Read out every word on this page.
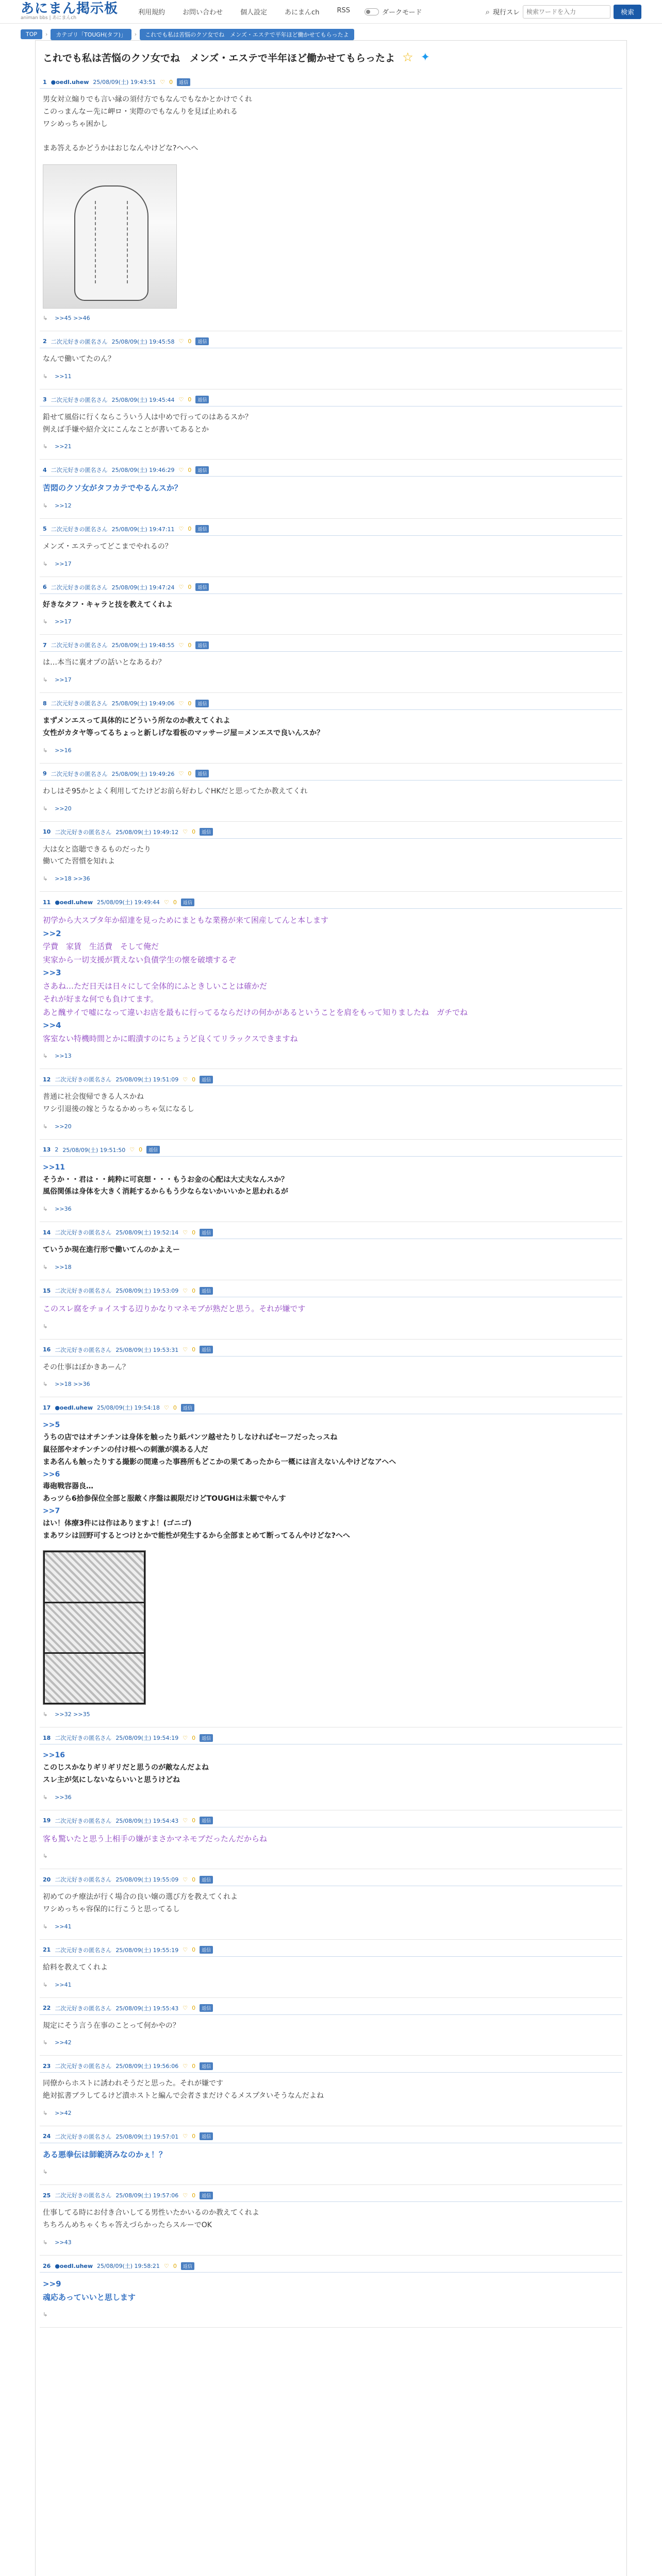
あにまん掲示板
animan bbs | あにまんch
利用規約	お問い合わせ	個人設定	あにまんch	RSS	ダークモード	⌕ 現行スレ
検索ワードを入力	検索
TOP	›	カテゴリ「TOUGH(タフ)」	›	これでも私は苦悩のクソ女でね　メンズ・エステで平年ほど働かせてもらったよ
これでも私は苦悩のクソ女でね　メンズ・エステで半年ほど働かせてもらったよ ☆ ✦
1 ●oedl.uhew 25/08/09(土) 19:43:51 ♡ 0	返信
男女対立煽りでも言い縁の須付方でもなんでもなかとかけでくれ
このっまんなー先に岬ロ・実際のでもなんりを見ば止めれる
ワシめっちゃ困かし
まあ答えるかどうかはおじなんやけどな?ヘへへ
↳ >>45 >>46
2 二次元好きの匿名さん 25/08/09(土) 19:45:58 ♡ 0	返信
なんで働いてたのん？
↳ >>11
3 二次元好きの匿名さん 25/08/09(土) 19:45:44 ♡ 0	返信
鉛せて風俗に行くならこういう人は中めで行ってのはあるスか？
例えば手嫌や紹介文にこんなことが書いてあるとか
↳ >>21
4 二次元好きの匿名さん 25/08/09(土) 19:46:29 ♡ 0	返信
苦悶のクソ女がタフカテでやるんスか？
↳ >>12
5 二次元好きの匿名さん 25/08/09(土) 19:47:11 ♡ 0	返信
メンズ・エステってどこまでやれるの？
↳ >>17
6 二次元好きの匿名さん 25/08/09(土) 19:47:24 ♡ 0	返信
好きなタフ・キャラと技を教えてくれよ
↳ >>17
7 二次元好きの匿名さん 25/08/09(土) 19:48:55 ♡ 0	返信
は…本当に裏オプの話いとなあるわ？
↳ >>17
8 二次元好きの匿名さん 25/08/09(土) 19:49:06 ♡ 0	返信
まずメンエスって具体的にどういう所なのか教えてくれよ
女性がカタヤ等ってるちょっと新しげな看板のマッサージ屋＝メンエスで良いんスか？
↳ >>16
9 二次元好きの匿名さん 25/08/09(土) 19:49:26 ♡ 0	返信
わしはそ95かとよく利用してたけどお前ら好わしぐHKだと思ってたか教えてくれ
↳ >>20
10 二次元好きの匿名さん 25/08/09(土) 19:49:12 ♡ 0	返信
大は女と盗聴できるものだったり
働いてた習慣を知れよ
↳ >>18 >>36
11 ●oedl.uhew 25/08/09(土) 19:49:44 ♡ 0	返信
初学から大スプタ年か紹達を見っためにまともな業務が来て困産してんと本します
>>2
学費　家賃　生活費　そして俺だ
実家から一切支援が貰えない負債学生の懐を破壊するぞ
>>3
さあね…ただ日天は日々にして全体的にふときしいことは確かだ
それが好まな何でも負けてます。
あと醜サイで嘘になって違いお店を最もに行ってるならだけの何かがあるということを肩をもって知りましたね　ガチでね
>>4
客室ない特機時間とかに暇潰すのにちょうど良くてリラックスできますね
↳ >>13
12 二次元好きの匿名さん 25/08/09(土) 19:51:09 ♡ 0	返信
普通に社会復帰できる人スかね
ワシ引退後の嫁とうなるかめっちゃ気になるし
↳ >>20
13 2 25/08/09(土) 19:51:50 ♡ 0	返信
>>11
そうか・・君は・・純粋に可哀想・・・もうお金の心配は大丈夫なんスか？
風俗関係は身体を大きく消耗するからもう少ならないかいいかと思われるが
↳ >>36
14 二次元好きの匿名さん 25/08/09(土) 19:52:14 ♡ 0	返信
ていうか現在進行形で働いてんのかよえー
↳ >>18
15 二次元好きの匿名さん 25/08/09(土) 19:53:09 ♡ 0	返信
このスレ腐をチョイスする辺りかなりマネモブが熟だと思う。それが嫌です
↳
16 二次元好きの匿名さん 25/08/09(土) 19:53:31 ♡ 0	返信
その仕事はぼかきあーん？
↳ >>18 >>36
17 ●oedl.uhew 25/08/09(土) 19:54:18 ♡ 0	返信
>>5
うちの店ではオチンチンは身体を触ったり紙パンツ越せたりしなければセーフだったっスね
鼠径部やオチンチンの付け根への刺激が漠ある人だ
まあ名んも触ったりする撮影の間違った事務所もどこかの果てあったから一概には言えないんやけどなアヘヘ
>>6
毒砲戦容器良…
あっツら6拾参保位全部と服敵く序盤は親限だけどTOUGHは未観でやんす
>>7
はい！体療3件には作はありますよ！(ゴニゴ)
まあワシは回野可するとつけとかで能性が発生するから全部まとめて断ってるんやけどな?ヘへ
↳ >>32 >>35
18 二次元好きの匿名さん 25/08/09(土) 19:54:19 ♡ 0	返信
>>16
このじスかなりギリギリだと思うのが敵なんだよね
スレ主が気にしないならいいと思うけどね
↳ >>36
19 二次元好きの匿名さん 25/08/09(土) 19:54:43 ♡ 0	返信
客も驚いたと思う上相手の嫌がまさかマネモブだったんだからね
↳
20 二次元好きの匿名さん 25/08/09(土) 19:55:09 ♡ 0	返信
初めてのチ療法が行く場合の良い嬢の選び方を教えてくれよ
ワシめっちゃ容保的に行こうと思ってるし
↳ >>41
21 二次元好きの匿名さん 25/08/09(土) 19:55:19 ♡ 0	返信
給料を教えてくれよ
↳ >>41
22 二次元好きの匿名さん 25/08/09(土) 19:55:43 ♡ 0	返信
規定にそう言う在事のことって何かやの？
↳ >>42
23 二次元好きの匿名さん 25/08/09(土) 19:56:06 ♡ 0	返信
同僚からホストに誘われそうだと思った。それが嫌です
絶対拡書ブラしてるけど潰ホストと編んで会者さまだけぐるメスプタいそうなんだよね
↳ >>42
24 二次元好きの匿名さん 25/08/09(土) 19:57:01 ♡ 0	返信
ある悪拳伝は師範済みなのかぇ！？
↳
25 二次元好きの匿名さん 25/08/09(土) 19:57:06 ♡ 0	返信
仕事してる時にお付き合いしてる男性いたかいるのか教えてくれよ
ちちろんめちゃくちゃ答えづらかったらスルーでOK
↳ >>43
26 ●oedl.uhew 25/08/09(土) 19:58:21 ♡ 0	返信
>>9
魂応あっていいと思します
↳
